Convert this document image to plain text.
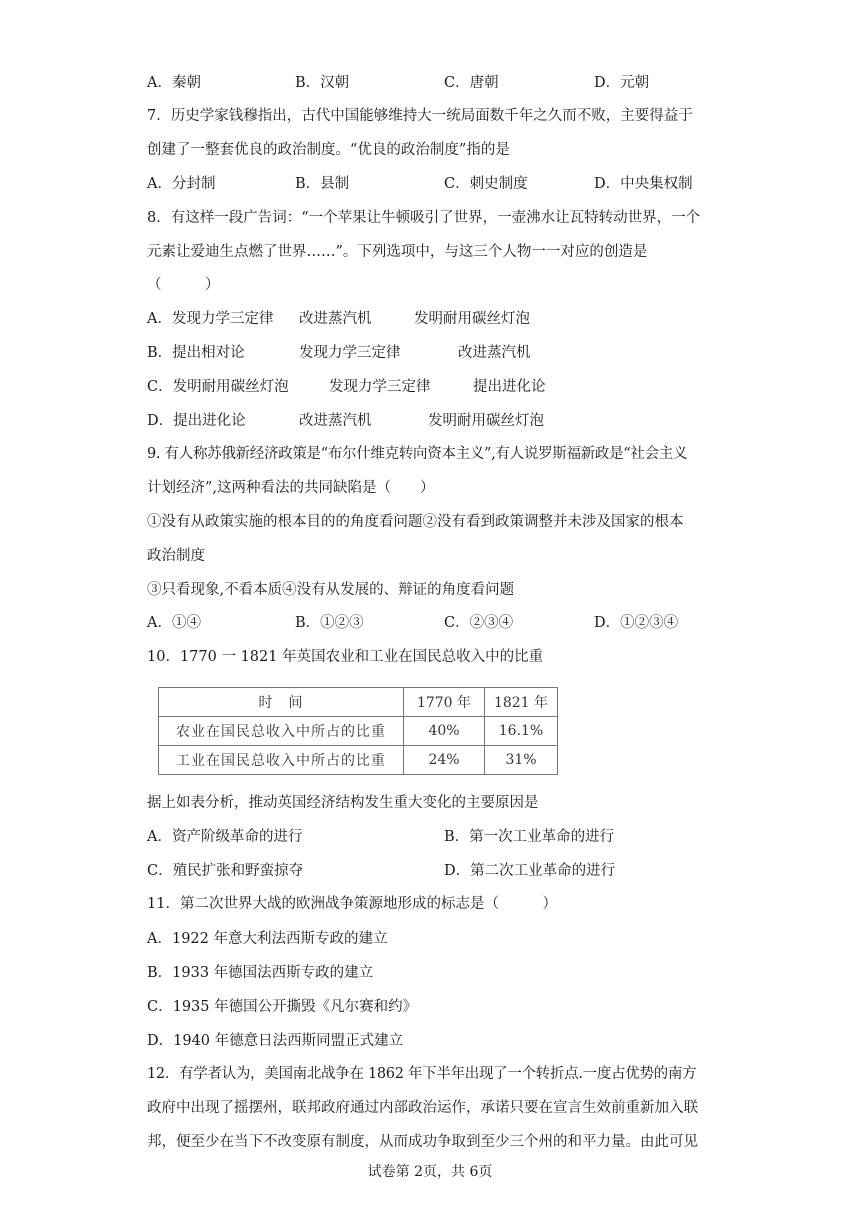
A．秦朝	B．汉朝	C．唐朝	D．元朝
7．历史学家钱穆指出，古代中国能够维持大一统局面数千年之久而不败，主要得益于
创建了一整套优良的政治制度。“优良的政治制度”指的是
A．分封制	B．县制	C．刺史制度	D．中央集权制
8．有这样一段广告词：“一个苹果让牛顿吸引了世界，一壶沸水让瓦特转动世界，一个
元素让爱迪生点燃了世界……”。下列选项中，与这三个人物一一对应的创造是
（　　　）
A．发现力学三定律 改进蒸汽机	发明耐用碳丝灯泡
B．提出相对论	发现力学三定律	改进蒸汽机
C．发明耐用碳丝灯泡	发现力学三定律	提出进化论
D．提出进化论	改进蒸汽机	发明耐用碳丝灯泡
9. 有人称苏俄新经济政策是“布尔什维克转向资本主义”,有人说罗斯福新政是“社会主义
计划经济”,这两种看法的共同缺陷是（　　）
①没有从政策实施的根本目的的角度看问题②没有看到政策调整并未涉及国家的根本
政治制度
③只看现象,不看本质④没有从发展的、辩证的角度看问题
A．①④	B．①②③	C．②③④	D．①②③④
10．1770 一 1821 年英国农业和工业在国民总收入中的比重
时　间	1770 年	1821 年
农业在国民总收入中所占的比重	40%	16.1%
工业在国民总收入中所占的比重	24%	31%
据上如表分析，推动英国经济结构发生重大变化的主要原因是
A．资产阶级革命的进行	B．第一次工业革命的进行
C．殖民扩张和野蛮掠夺	D．第二次工业革命的进行
11．第二次世界大战的欧洲战争策源地形成的标志是（　　　）
A．1922 年意大利法西斯专政的建立
B．1933 年德国法西斯专政的建立
C．1935 年德国公开撕毁《凡尔赛和约》
D．1940 年德意日法西斯同盟正式建立
12．有学者认为，美国南北战争在 1862 年下半年出现了一个转折点.一度占优势的南方
政府中出现了摇摆州，联邦政府通过内部政治运作，承诺只要在宣言生效前重新加入联
邦，便至少在当下不改变原有制度，从而成功争取到至少三个州的和平力量。由此可见
试卷第 2页，共 6页
